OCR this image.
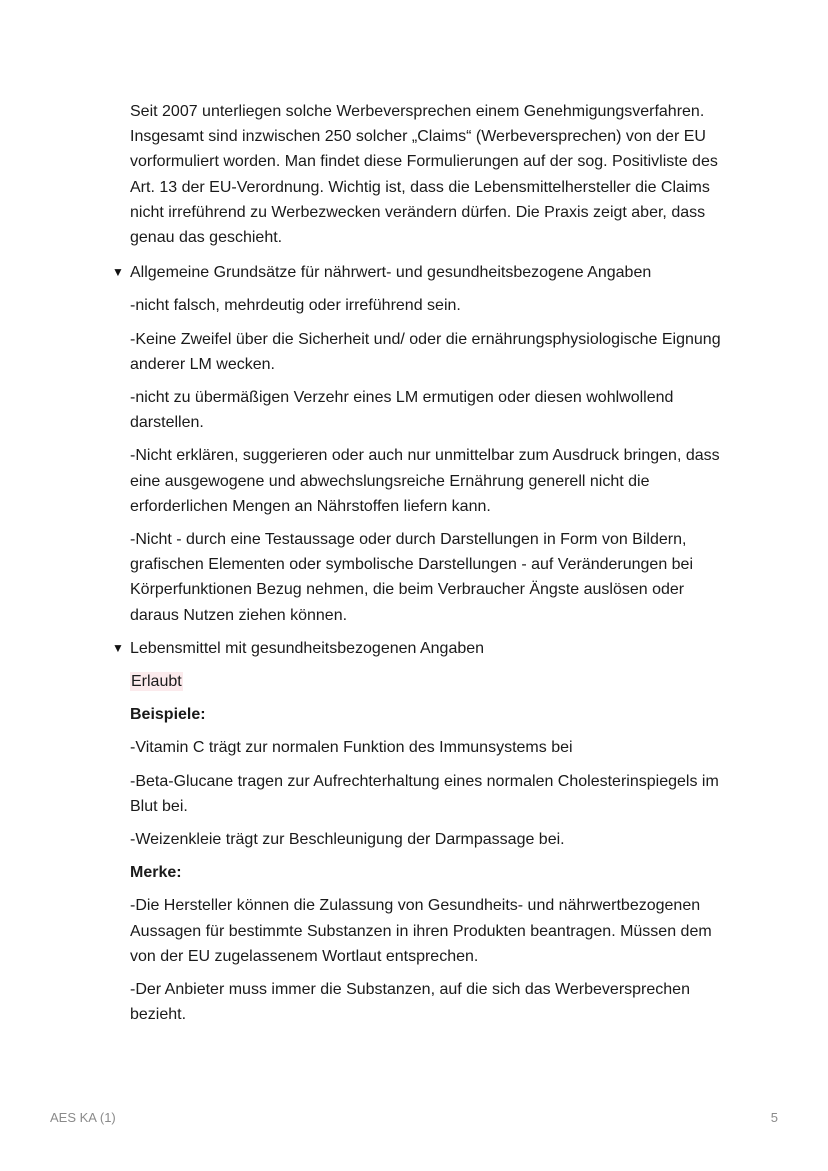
Seit 2007 unterliegen solche Werbeversprechen einem Genehmigungsverfahren. Insgesamt sind inzwischen 250 solcher „Claims“ (Werbeversprechen) von der EU vorformuliert worden. Man findet diese Formulierungen auf der sog. Positivliste des Art. 13 der EU-Verordnung. Wichtig ist, dass die Lebensmittelhersteller die Claims nicht irreführend zu Werbezwecken verändern dürfen. Die Praxis zeigt aber, dass genau das geschieht.

▼ Allgemeine Grundsätze für nährwert- und gesundheitsbezogene Angaben

-nicht falsch, mehrdeutig oder irreführend sein.

-Keine Zweifel über die Sicherheit und/ oder die ernährungsphysiologische Eignung anderer LM wecken.

-nicht zu übermäßigen Verzehr eines LM ermutigen oder diesen wohlwollend darstellen.

-Nicht erklären, suggerieren oder auch nur unmittelbar zum Ausdruck bringen, dass eine ausgewogene und abwechslungsreiche Ernährung generell nicht die erforderlichen Mengen an Nährstoffen liefern kann.

-Nicht - durch eine Testaussage oder durch Darstellungen in Form von Bildern, grafischen Elementen oder symbolische Darstellungen - auf Veränderungen bei Körperfunktionen Bezug nehmen, die beim Verbraucher Ängste auslösen oder daraus Nutzen ziehen können.

▼ Lebensmittel mit gesundheitsbezogenen Angaben

Erlaubt

Beispiele:

-Vitamin C trägt zur normalen Funktion des Immunsystems bei

-Beta-Glucane tragen zur Aufrechterhaltung eines normalen Cholesterinspiegels im Blut bei.

-Weizenkleie trägt zur Beschleunigung der Darmpassage bei.

Merke:

-Die Hersteller können die Zulassung von Gesundheits- und nährwertbezogenen Aussagen für bestimmte Substanzen in ihren Produkten beantragen. Müssen dem von der EU zugelassenem Wortlaut entsprechen.

-Der Anbieter muss immer die Substanzen, auf die sich das Werbeversprechen bezieht.

AES KA (1)	5
